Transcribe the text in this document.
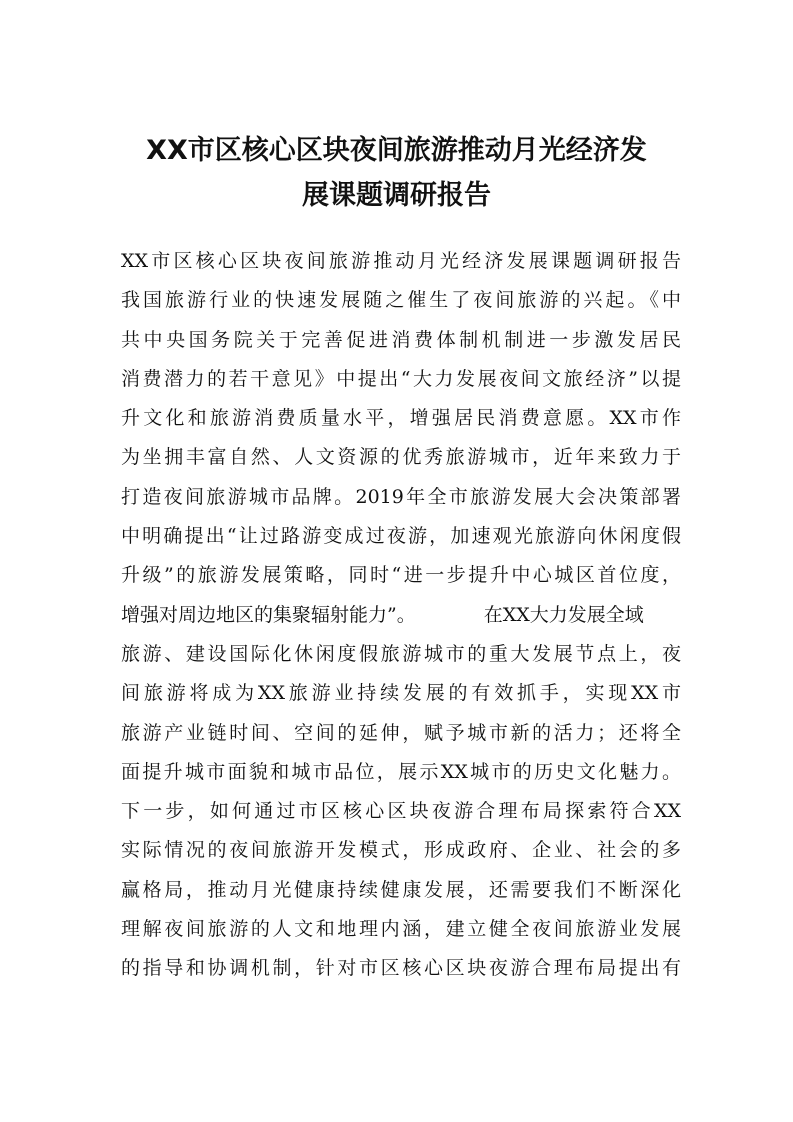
XX市区核心区块夜间旅游推动月光经济发
展课题调研报告
XX市区核心区块夜间旅游推动月光经济发展课题调研报告
我国旅游行业的快速发展随之催生了夜间旅游的兴起。《中
共中央国务院关于完善促进消费体制机制进一步激发居民
消费潜力的若干意见》中提出“大力发展夜间文旅经济”以提
升文化和旅游消费质量水平，增强居民消费意愿。XX市作
为坐拥丰富自然、人文资源的优秀旅游城市，近年来致力于
打造夜间旅游城市品牌。2019年全市旅游发展大会决策部署
中明确提出“让过路游变成过夜游，加速观光旅游向休闲度假
升级”的旅游发展策略，同时“进一步提升中心城区首位度，
增强对周边地区的集聚辐射能力”。	在XX大力发展全域
旅游、建设国际化休闲度假旅游城市的重大发展节点上，夜
间旅游将成为XX旅游业持续发展的有效抓手，实现XX市
旅游产业链时间、空间的延伸，赋予城市新的活力；还将全
面提升城市面貌和城市品位，展示XX城市的历史文化魅力。
下一步，如何通过市区核心区块夜游合理布局探索符合XX
实际情况的夜间旅游开发模式，形成政府、企业、社会的多
赢格局，推动月光健康持续健康发展，还需要我们不断深化
理解夜间旅游的人文和地理内涵，建立健全夜间旅游业发展
的指导和协调机制，针对市区核心区块夜游合理布局提出有
